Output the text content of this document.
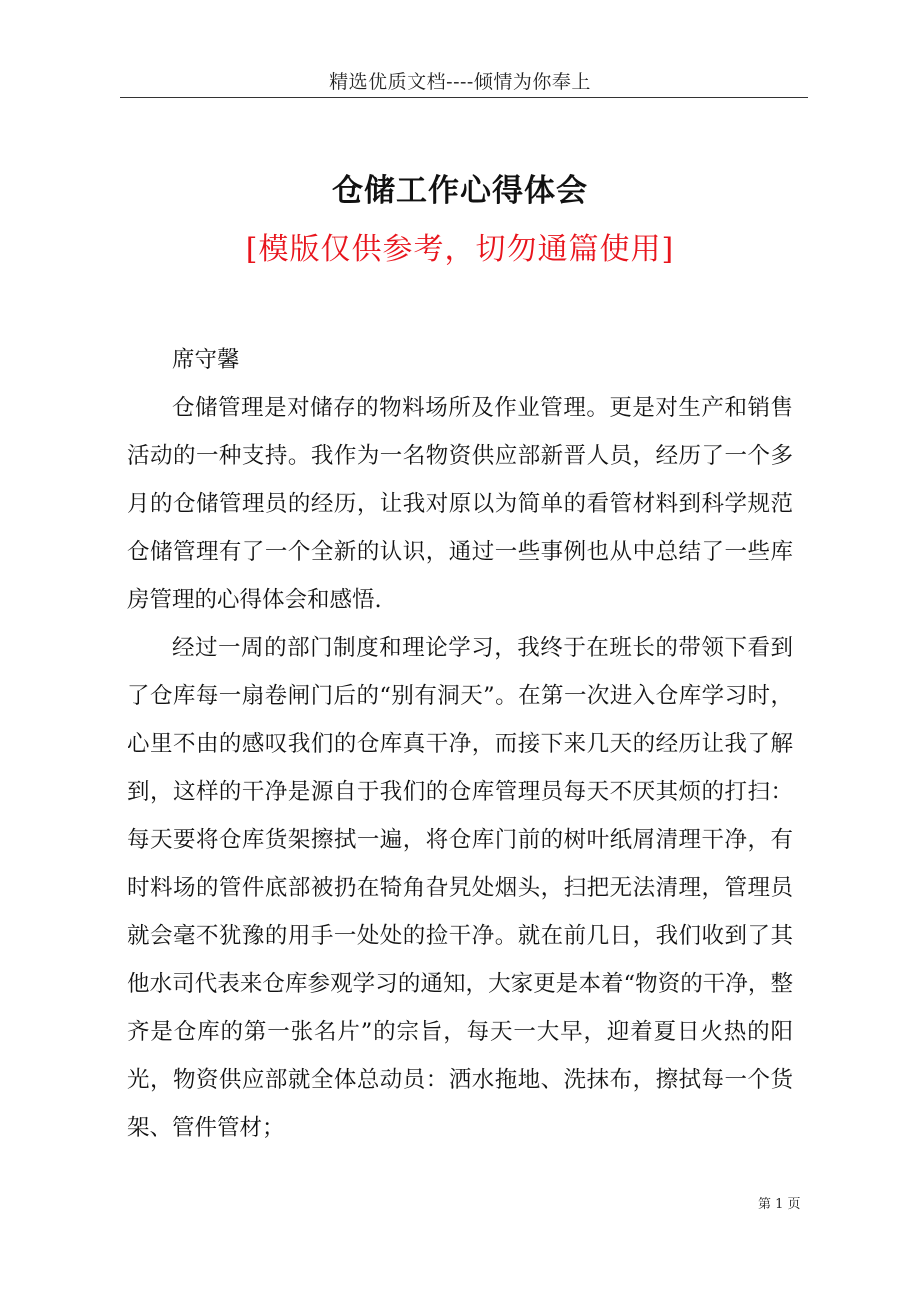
精选优质文档----倾情为你奉上
仓储工作心得体会
[模版仅供参考，切勿通篇使用]

席守馨

仓储管理是对储存的物料场所及作业管理。更是对生产和销售活动的一种支持。我作为一名物资供应部新晋人员，经历了一个多月的仓储管理员的经历，让我对原以为简单的看管材料到科学规范仓储管理有了一个全新的认识，通过一些事例也从中总结了一些库房管理的心得体会和感悟.

经过一周的部门制度和理论学习，我终于在班长的带领下看到了仓库每一扇卷闸门后的“别有洞天”。在第一次进入仓库学习时，心里不由的感叹我们的仓库真干净，而接下来几天的经历让我了解到，这样的干净是源自于我们的仓库管理员每天不厌其烦的打扫：每天要将仓库货架擦拭一遍，将仓库门前的树叶纸屑清理干净，有时料场的管件底部被扔在犄角旮旯处烟头，扫把无法清理，管理员就会毫不犹豫的用手一处处的捡干净。就在前几日，我们收到了其他水司代表来仓库参观学习的通知，大家更是本着“物资的干净，整齐是仓库的第一张名片”的宗旨，每天一大早，迎着夏日火热的阳光，物资供应部就全体总动员：洒水拖地、洗抹布，擦拭每一个货架、管件管材；

第 1 页
